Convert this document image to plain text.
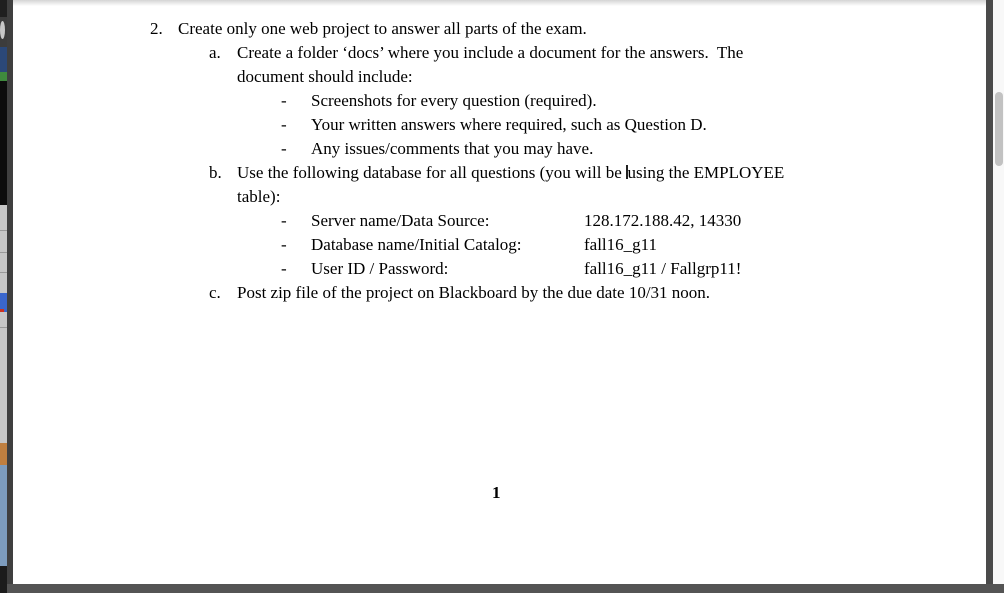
2.

Create only one web project to answer all parts of the exam.

a.

Create a folder ‘docs’ where you include a document for the answers.  The

document should include:

-

Screenshots for every question (required).

-

Your written answers where required, such as Question D.

-

Any issues/comments that you may have.

b.

Use the following database for all questions (you will be using the EMPLOYEE

table):

-

Server name/Data Source:

	128.172.188.42, 14330

-

Database name/Initial Catalog:

	fall16_g11

-

User ID / Password:

	fall16_g11 / Fallgrp11!

c.

Post zip file of the project on Blackboard by the due date 10/31 noon.

1
